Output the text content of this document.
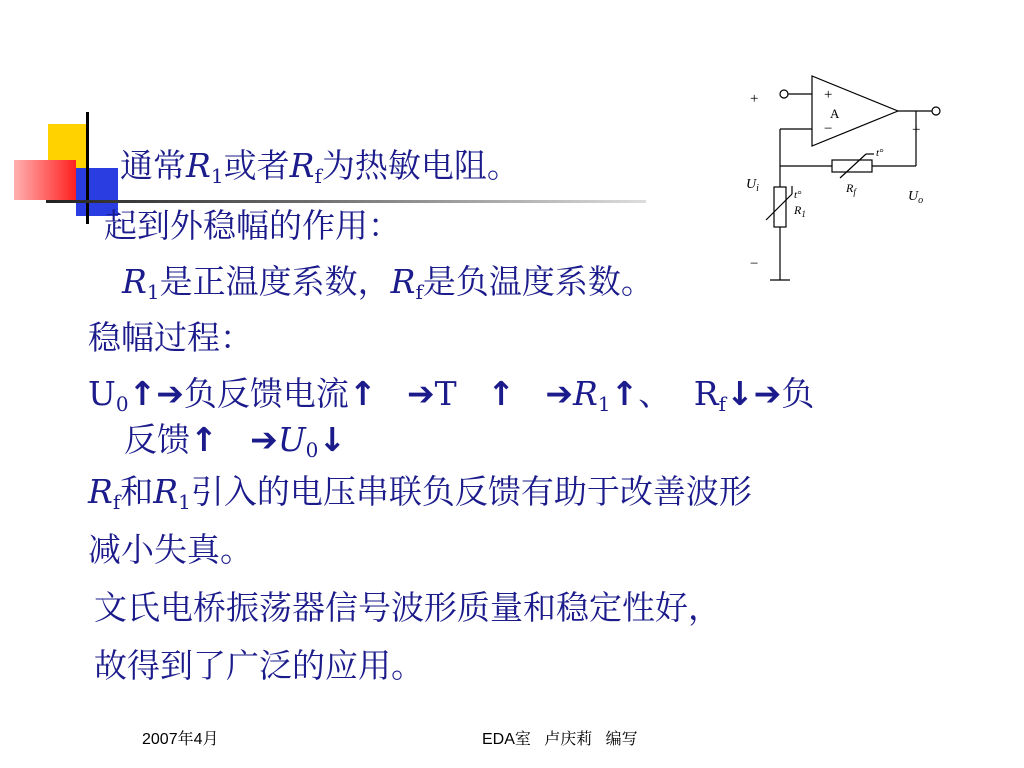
通常$R_1$或者$R_f$为热敏电阻。
起到外稳幅的作用：
$R_1$是正温度系数，$R_f$是负温度系数。
稳幅过程：
$U_0↑➔$负反馈电流↑ ➔T ↑ $➔R_1↑$、 $R_f↓➔$负
反馈↑ $➔U_0↓$
$R_f$和$R_1$引入的电压串联负反馈有助于改善波形
减小失真。
文氏电桥振荡器信号波形质量和稳定性好，
故得到了广泛的应用。
A
+
−
+
−
+
$U_i$
$U_o$
$R_f$
$R_1$
t°
t°
2007年4月	EDA室   卢庆莉   编写
